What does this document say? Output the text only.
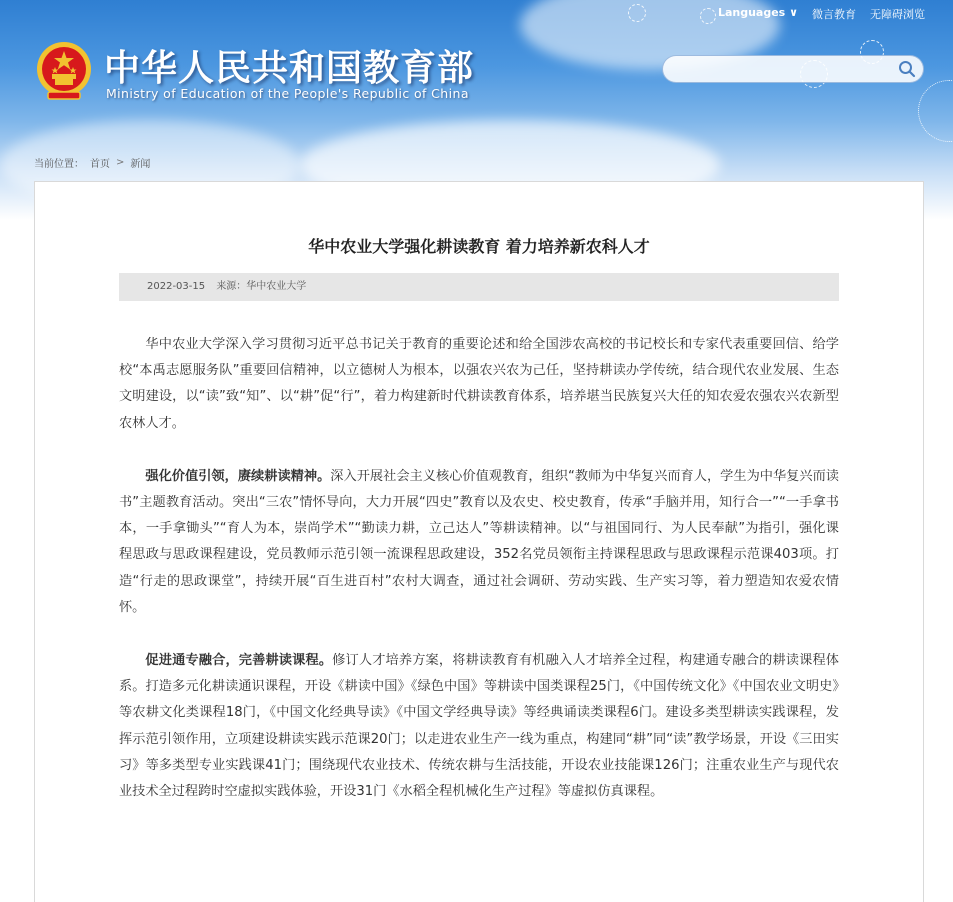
中华人民共和国教育部
Ministry of Education of the People's Republic of China
Languages ∨ 微言教育 无障碍浏览
当前位置： 首页 > 新闻
华中农业大学强化耕读教育 着力培养新农科人才
2022-03-15 来源：华中农业大学

华中农业大学深入学习贯彻习近平总书记关于教育的重要论述和给全国涉农高校的书记校长和专家代表重要回信、给学校“本禹志愿服务队”重要回信精神，以立德树人为根本，以强农兴农为己任，坚持耕读办学传统，结合现代农业发展、生态文明建设，以“读”致“知”、以“耕”促“行”，着力构建新时代耕读教育体系，培养堪当民族复兴大任的知农爱农强农兴农新型农林人才。

强化价值引领，赓续耕读精神。深入开展社会主义核心价值观教育，组织“教师为中华复兴而育人，学生为中华复兴而读书”主题教育活动。突出“三农”情怀导向，大力开展“四史”教育以及农史、校史教育，传承“手脑并用，知行合一”“一手拿书本，一手拿锄头”“育人为本，崇尚学术”“勤读力耕，立己达人”等耕读精神。以“与祖国同行、为人民奉献”为指引，强化课程思政与思政课程建设，党员教师示范引领一流课程思政建设，352名党员领衔主持课程思政与思政课程示范课403项。打造“行走的思政课堂”，持续开展“百生进百村”农村大调查，通过社会调研、劳动实践、生产实习等，着力塑造知农爱农情怀。

促进通专融合，完善耕读课程。修订人才培养方案，将耕读教育有机融入人才培养全过程，构建通专融合的耕读课程体系。打造多元化耕读通识课程，开设《耕读中国》《绿色中国》等耕读中国类课程25门，《中国传统文化》《中国农业文明史》等农耕文化类课程18门，《中国文化经典导读》《中国文学经典导读》等经典诵读类课程6门。建设多类型耕读实践课程，发挥示范引领作用，立项建设耕读实践示范课20门；以走进农业生产一线为重点，构建同“耕”同“读”教学场景，开设《三田实习》等多类型专业实践课41门；围绕现代农业技术、传统农耕与生活技能，开设农业技能课126门；注重农业生产与现代农业技术全过程跨时空虚拟实践体验，开设31门《水稻全程机械化生产过程》等虚拟仿真课程。
